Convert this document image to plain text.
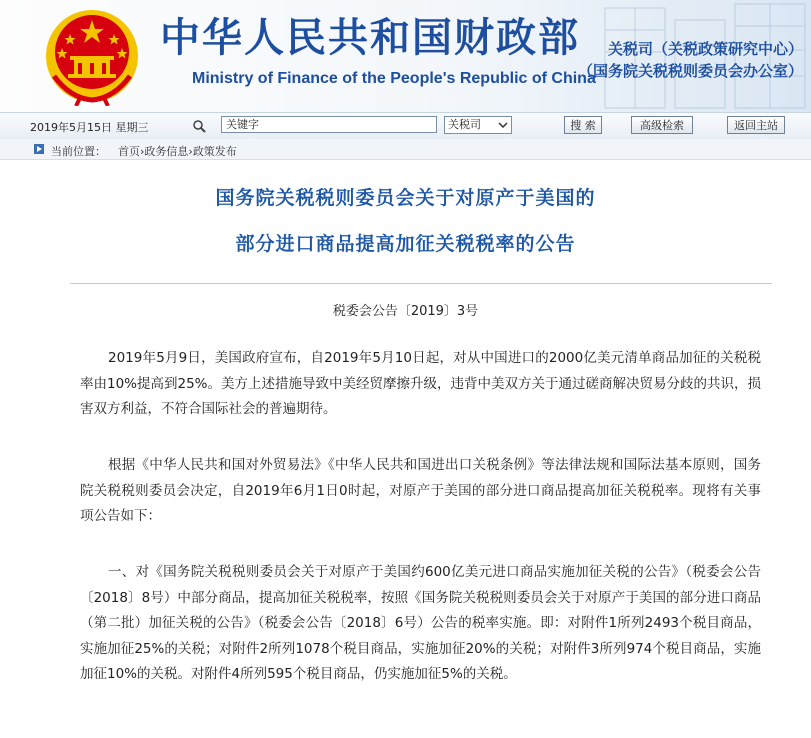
中华人民共和国财政部
Ministry of Finance of the People's Republic of China
关税司（关税政策研究中心）
（国务院关税税则委员会办公室）
2019年5月15日 星期三	关键字	关税司	搜 索	高级检索	返回主站
当前位置： 首页›政务信息›政策发布
国务院关税税则委员会关于对原产于美国的
部分进口商品提高加征关税税率的公告
税委会公告〔2019〕3号

2019年5月9日，美国政府宣布，自2019年5月10日起，对从中国进口的2000亿美元清单商品加征的关税税率由10%提高到25%。美方上述措施导致中美经贸摩擦升级，违背中美双方关于通过磋商解决贸易分歧的共识，损害双方利益，不符合国际社会的普遍期待。

根据《中华人民共和国对外贸易法》《中华人民共和国进出口关税条例》等法律法规和国际法基本原则，国务院关税税则委员会决定，自2019年6月1日0时起，对原产于美国的部分进口商品提高加征关税税率。现将有关事项公告如下：

一、对《国务院关税税则委员会关于对原产于美国约600亿美元进口商品实施加征关税的公告》（税委会公告〔2018〕8号）中部分商品，提高加征关税税率，按照《国务院关税税则委员会关于对原产于美国的部分进口商品（第二批）加征关税的公告》（税委会公告〔2018〕6号）公告的税率实施。即：对附件1所列2493个税目商品，实施加征25%的关税；对附件2所列1078个税目商品，实施加征20%的关税；对附件3所列974个税目商品，实施加征10%的关税。对附件4所列595个税目商品，仍实施加征5%的关税。
